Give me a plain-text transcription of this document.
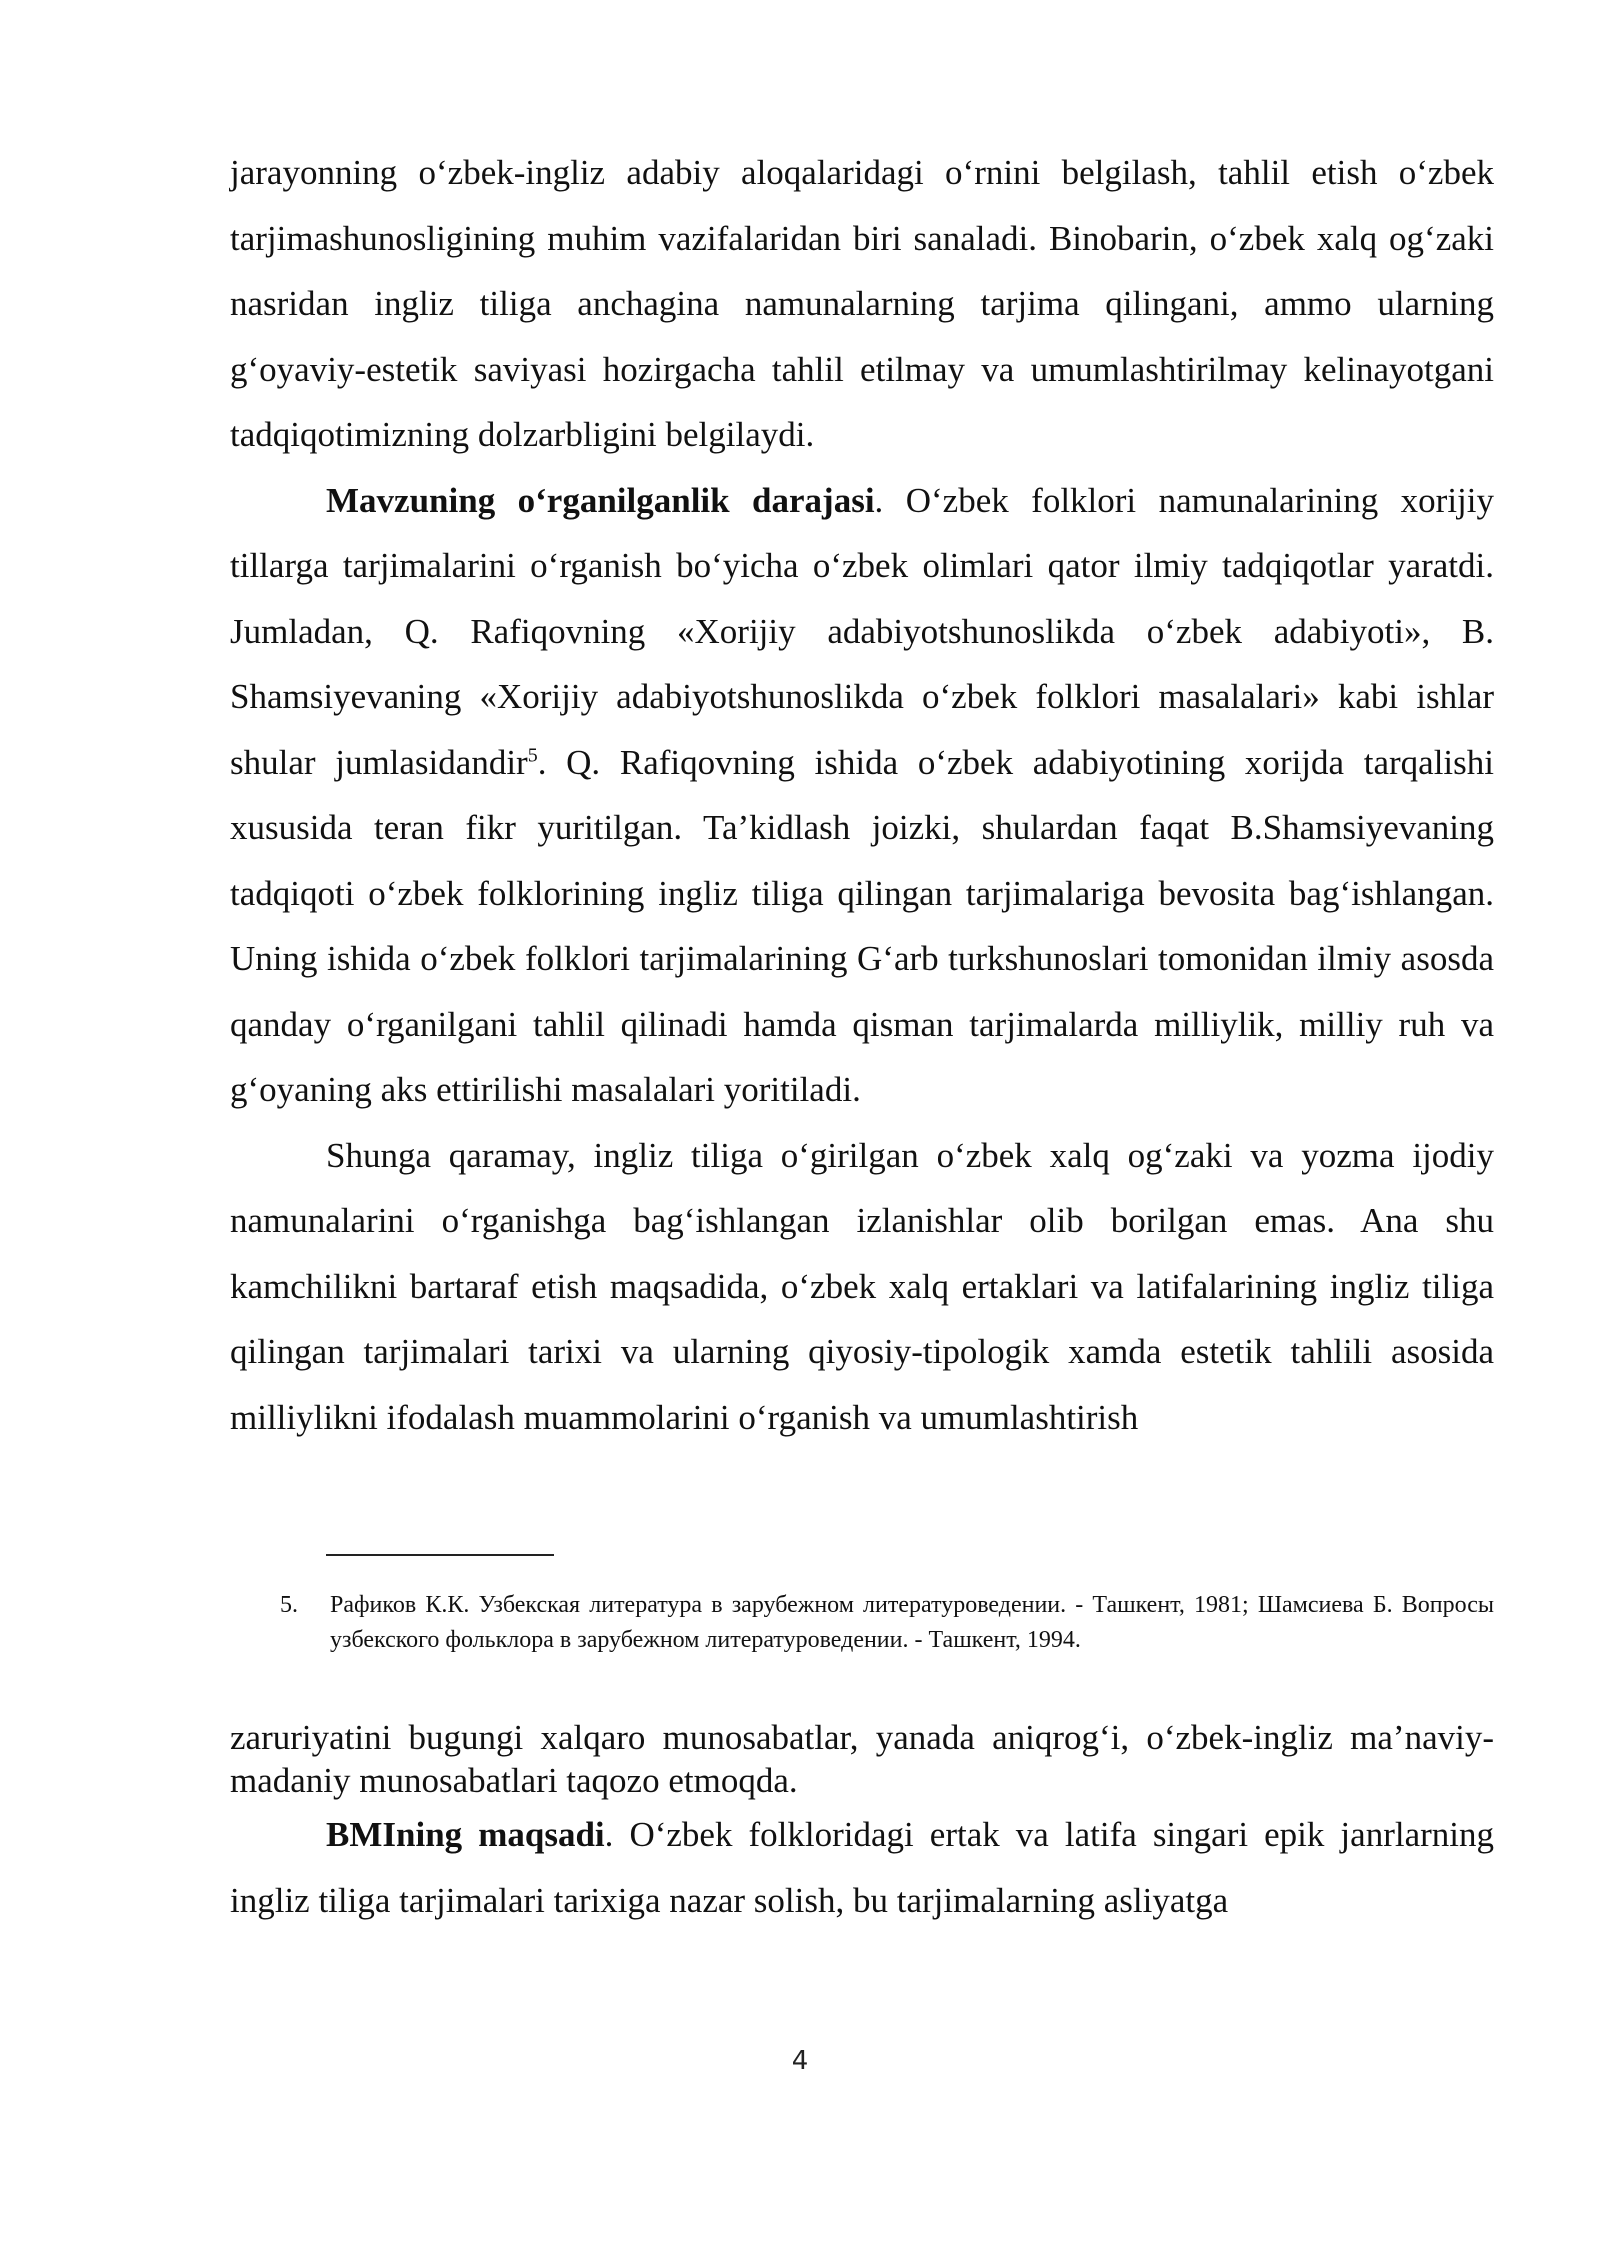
jarayonning o‘zbek-ingliz adabiy aloqalaridagi o‘rnini belgilash, tahlil etish o‘zbek tarjimashunosligining muhim vazifalaridan biri sanaladi. Binobarin, o‘zbek xalq og‘zaki nasridan ingliz tiliga anchagina namunalarning tarjima qilingani, ammo ularning g‘oyaviy-estetik saviyasi hozirgacha tahlil etilmay va umumlashtirilmay kelinayotgani tadqiqotimizning dolzarbligini belgilaydi.

Mavzuning o‘rganilganlik darajasi. O‘zbek folklori namunalarining xorijiy tillarga tarjimalarini o‘rganish bo‘yicha o‘zbek olimlari qator ilmiy tadqiqotlar yaratdi. Jumladan, Q. Rafiqovning «Xorijiy adabiyotshunoslikda o‘zbek adabiyoti», B. Shamsiyevaning «Xorijiy adabiyotshunoslikda o‘zbek folklori masalalari» kabi ishlar shular jumlasidandir$^5$. Q. Rafiqovning ishida o‘zbek adabiyotining xorijda tarqalishi xususida teran fikr yuritilgan. Ta’kidlash joizki, shulardan faqat B.Shamsiyevaning tadqiqoti o‘zbek folklorining ingliz tiliga qilingan tarjimalariga bevosita bag‘ishlangan. Uning ishida o‘zbek folklori tarjimalarining G‘arb turkshunoslari tomonidan ilmiy asosda qanday o‘rganilgani tahlil qilinadi hamda qisman tarjimalarda milliylik, milliy ruh va g‘oyaning aks ettirilishi masalalari yoritiladi.

Shunga qaramay, ingliz tiliga o‘girilgan o‘zbek xalq og‘zaki va yozma ijodiy namunalarini o‘rganishga bag‘ishlangan izlanishlar olib borilgan emas. Ana shu kamchilikni bartaraf etish maqsadida, o‘zbek xalq ertaklari va latifalarining ingliz tiliga qilingan tarjimalari tarixi va ularning qiyosiy-tipologik xamda estetik tahlili asosida milliylikni ifodalash muammolarini o‘rganish va umumlashtirish

5. Рафиков К.К. Узбекская литература в зарубежном литературоведении. - Ташкент, 1981; Шамсиева Б. Вопросы узбекского фольклора в зарубежном литературоведении. - Ташкент, 1994.

zaruriyatini bugungi xalqaro munosabatlar, yanada aniqrog‘i, o‘zbek-ingliz ma’naviy-madaniy munosabatlari taqozo etmoqda.

BMIning maqsadi. O‘zbek folkloridagi ertak va latifa singari epik janrlarning ingliz tiliga tarjimalari tarixiga nazar solish, bu tarjimalarning asliyatga

4
